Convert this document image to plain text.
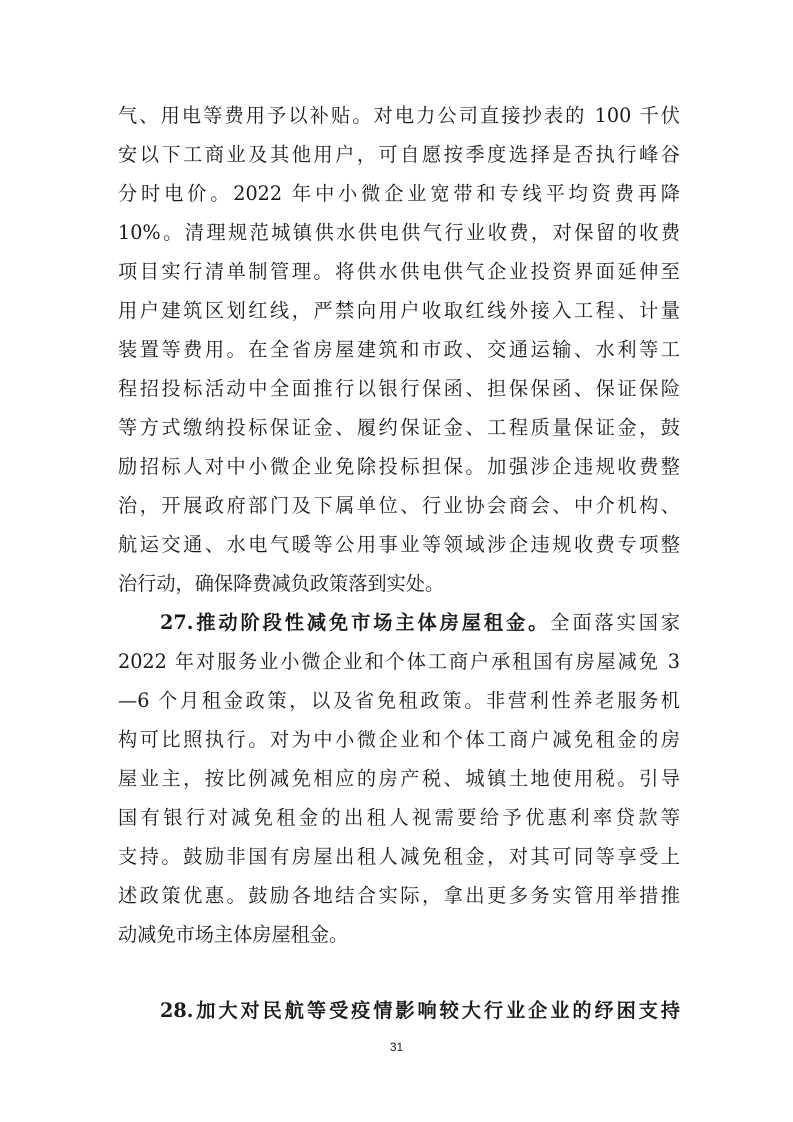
气、用电等费用予以补贴。对电力公司直接抄表的 100 千伏
安以下工商业及其他用户，可自愿按季度选择是否执行峰谷
分时电价。2022 年中小微企业宽带和专线平均资费再降
10%。清理规范城镇供水供电供气行业收费，对保留的收费
项目实行清单制管理。将供水供电供气企业投资界面延伸至
用户建筑区划红线，严禁向用户收取红线外接入工程、计量
装置等费用。在全省房屋建筑和市政、交通运输、水利等工
程招投标活动中全面推行以银行保函、担保保函、保证保险
等方式缴纳投标保证金、履约保证金、工程质量保证金，鼓
励招标人对中小微企业免除投标担保。加强涉企违规收费整
治，开展政府部门及下属单位、行业协会商会、中介机构、
航运交通、水电气暖等公用事业等领域涉企违规收费专项整
治行动，确保降费减负政策落到实处。
27.推动阶段性减免市场主体房屋租金。全面落实国家
2022 年对服务业小微企业和个体工商户承租国有房屋减免 3
—6 个月租金政策，以及省免租政策。非营利性养老服务机
构可比照执行。对为中小微企业和个体工商户减免租金的房
屋业主，按比例减免相应的房产税、城镇土地使用税。引导
国有银行对减免租金的出租人视需要给予优惠利率贷款等
支持。鼓励非国有房屋出租人减免租金，对其可同等享受上
述政策优惠。鼓励各地结合实际，拿出更多务实管用举措推
动减免市场主体房屋租金。
28.加大对民航等受疫情影响较大行业企业的纾困支持
31
